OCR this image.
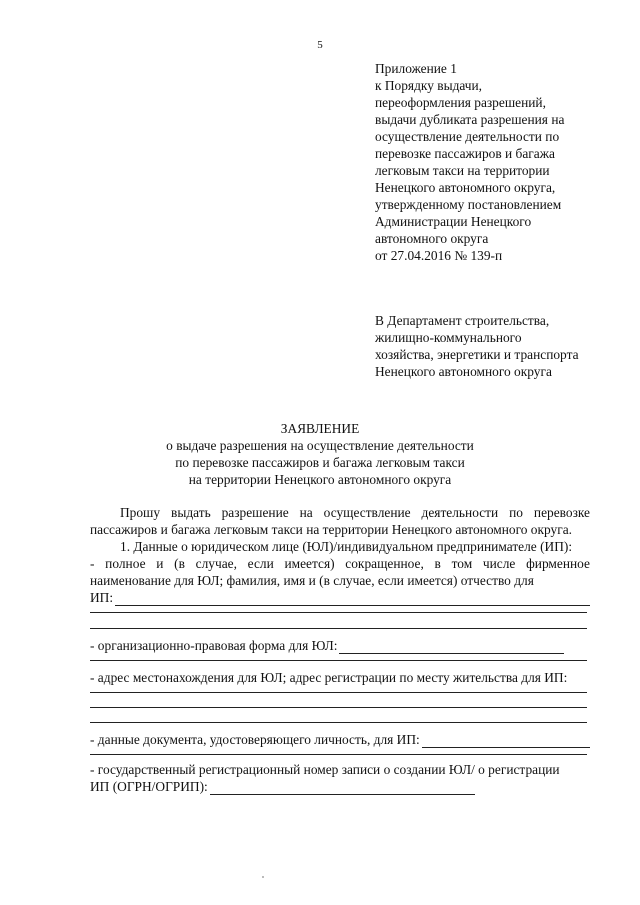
5
Приложение 1
к Порядку выдачи,
переоформления разрешений,
выдачи дубликата разрешения на
осуществление деятельности по
перевозке пассажиров и багажа
легковым такси на территории
Ненецкого автономного округа,
утвержденному постановлением
Администрации Ненецкого
автономного округа
от 27.04.2016 № 139-п
В Департамент строительства,
жилищно-коммунального
хозяйства, энергетики и транспорта
Ненецкого автономного округа
ЗАЯВЛЕНИЕ
о выдаче разрешения на осуществление деятельности
по перевозке пассажиров и багажа легковым такси
на территории Ненецкого автономного округа

Прошу выдать разрешение на осуществление деятельности по перевозке пассажиров и багажа легковым такси на территории Ненецкого автономного округа.

1. Данные о юридическом лице (ЮЛ)/индивидуальном предпринимателе (ИП):

- полное и (в случае, если имеется) сокращенное, в том числе фирменное наименование для ЮЛ; фамилия, имя и (в случае, если имеется) отчество для

ИП:
- организационно-правовая форма для ЮЛ:
- адрес местонахождения для ЮЛ; адрес регистрации по месту жительства для ИП:
- данные документа, удостоверяющего личность, для ИП:

- государственный регистрационный номер записи о создании ЮЛ/ о регистрации

ИП (ОГРН/ОГРИП):
